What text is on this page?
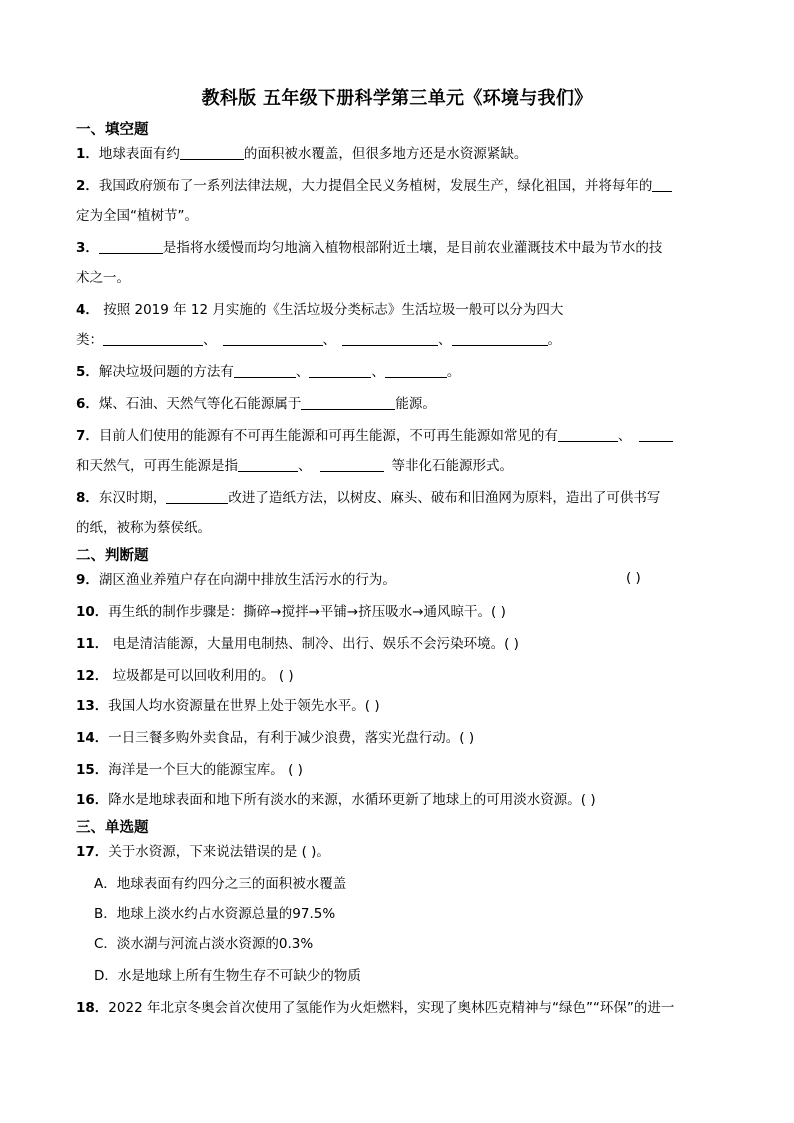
教科版 五年级下册科学第三单元《环境与我们》
一、填空题
1．地球表面有约	的面积被水覆盖，但很多地方还是水资源紧缺。
2．我国政府颁布了一系列法律法规，大力提倡全民义务植树，发展生产，绿化祖国，并将每年的
定为全国“植树节”。
3．	是指将水缓慢而均匀地滴入植物根部附近土壤，是目前农业灌溉技术中最为节水的技
术之一。
4． 按照 2019 年 12 月实施的《生活垃圾分类标志》生活垃圾一般可以分为四大
类：	、	、	、	。
5．解决垃圾问题的方法有	、	、	。
6．煤、石油、天然气等化石能源属于	能源。
7．目前人们使用的能源有不可再生能源和可再生能源，不可再生能源如常见的有	、
和天然气，可再生能源是指	、	等非化石能源形式。
8．东汉时期，	改进了造纸方法，以树皮、麻头、破布和旧渔网为原料，造出了可供书写
的纸，被称为蔡侯纸。
二、判断题
9．湖区渔业养殖户存在向湖中排放生活污水的行为。	( )
10．再生纸的制作步骤是：撕碎→搅拌→平铺→挤压吸水→通风晾干。( )
11． 电是清洁能源，大量用电制热、制冷、出行、娱乐不会污染环境。( )
12． 垃圾都是可以回收利用的。 ( )
13．我国人均水资源量在世界上处于领先水平。( )
14．一日三餐多购外卖食品，有利于减少浪费，落实光盘行动。( )
15．海洋是一个巨大的能源宝库。 ( )
16．降水是地球表面和地下所有淡水的来源，水循环更新了地球上的可用淡水资源。( )
三、单选题
17．关于水资源，下来说法错误的是 ( )。
A．地球表面有约四分之三的面积被水覆盖
B．地球上淡水约占水资源总量的97.5%
C．淡水湖与河流占淡水资源的0.3%
D．水是地球上所有生物生存不可缺少的物质
18．2022 年北京冬奥会首次使用了氢能作为火炬燃料，实现了奥林匹克精神与“绿色”“环保”的进一
